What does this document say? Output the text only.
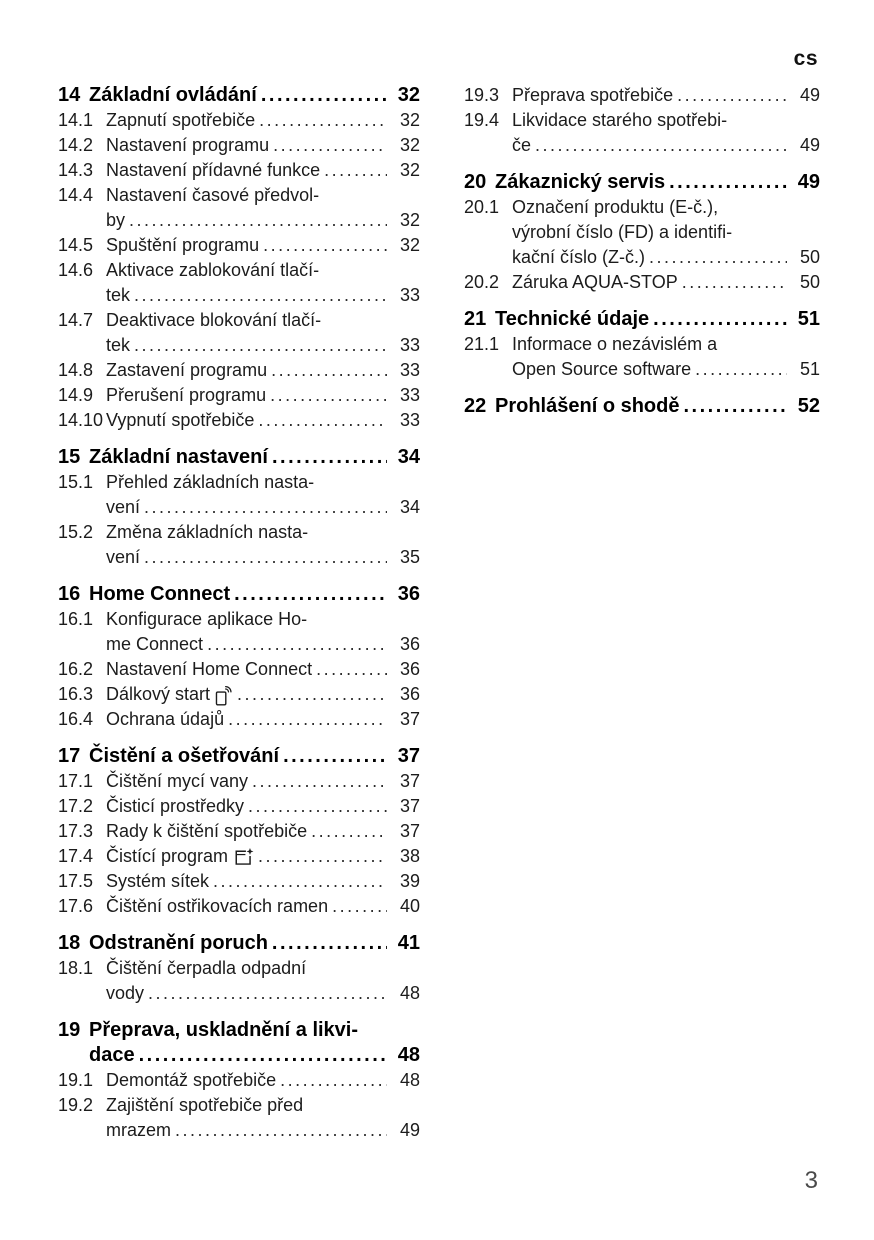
cs
14 Základní ovládání .....	32
14.1 Zapnutí spotřebiče .....	32
14.2 Nastavení programu .....	32
14.3 Nastavení přídavné funkce .....	32
14.4 Nastavení časové předvol-
by .....	32
14.5 Spuštění programu .....	32
14.6 Aktivace zablokování tlačí-
tek .....	33
14.7 Deaktivace blokování tlačí-
tek .....	33
14.8 Zastavení programu .....	33
14.9 Přerušení programu .....	33
14.10 Vypnutí spotřebiče .....	33
15 Základní nastavení .....	34
15.1 Přehled základních nasta-
vení .....	34
15.2 Změna základních nasta-
vení .....	35
16 Home Connect .....	36
16.1 Konfigurace aplikace Ho-
me Connect .....	36
16.2 Nastavení Home Connect .....	36
16.3 Dálkový start .....	36
16.4 Ochrana údajů .....	37
17 Čistění a ošetřování .....	37
17.1 Čištění mycí vany .....	37
17.2 Čisticí prostředky .....	37
17.3 Rady k čištění spotřebiče .....	37
17.4 Čistící program .....	38
17.5 Systém sítek .....	39
17.6 Čištění ostřikovacích ramen .....	40
18 Odstranění poruch .....	41
18.1 Čištění čerpadla odpadní
vody .....	48
19 Přeprava, uskladnění a likvi-
dace .....	48
19.1 Demontáž spotřebiče .....	48
19.2 Zajištění spotřebiče před
mrazem .....	49
19.3 Přeprava spotřebiče .....	49
19.4 Likvidace starého spotřebi-
če .....	49
20 Zákaznický servis .....	49
20.1 Označení produktu (E-č.),
výrobní číslo (FD) a identifi-
kační číslo (Z-č.) .....	50
20.2 Záruka AQUA-STOP .....	50
21 Technické údaje .....	51
21.1 Informace o nezávislém a
Open Source software .....	51
22 Prohlášení o shodě .....	52
3
